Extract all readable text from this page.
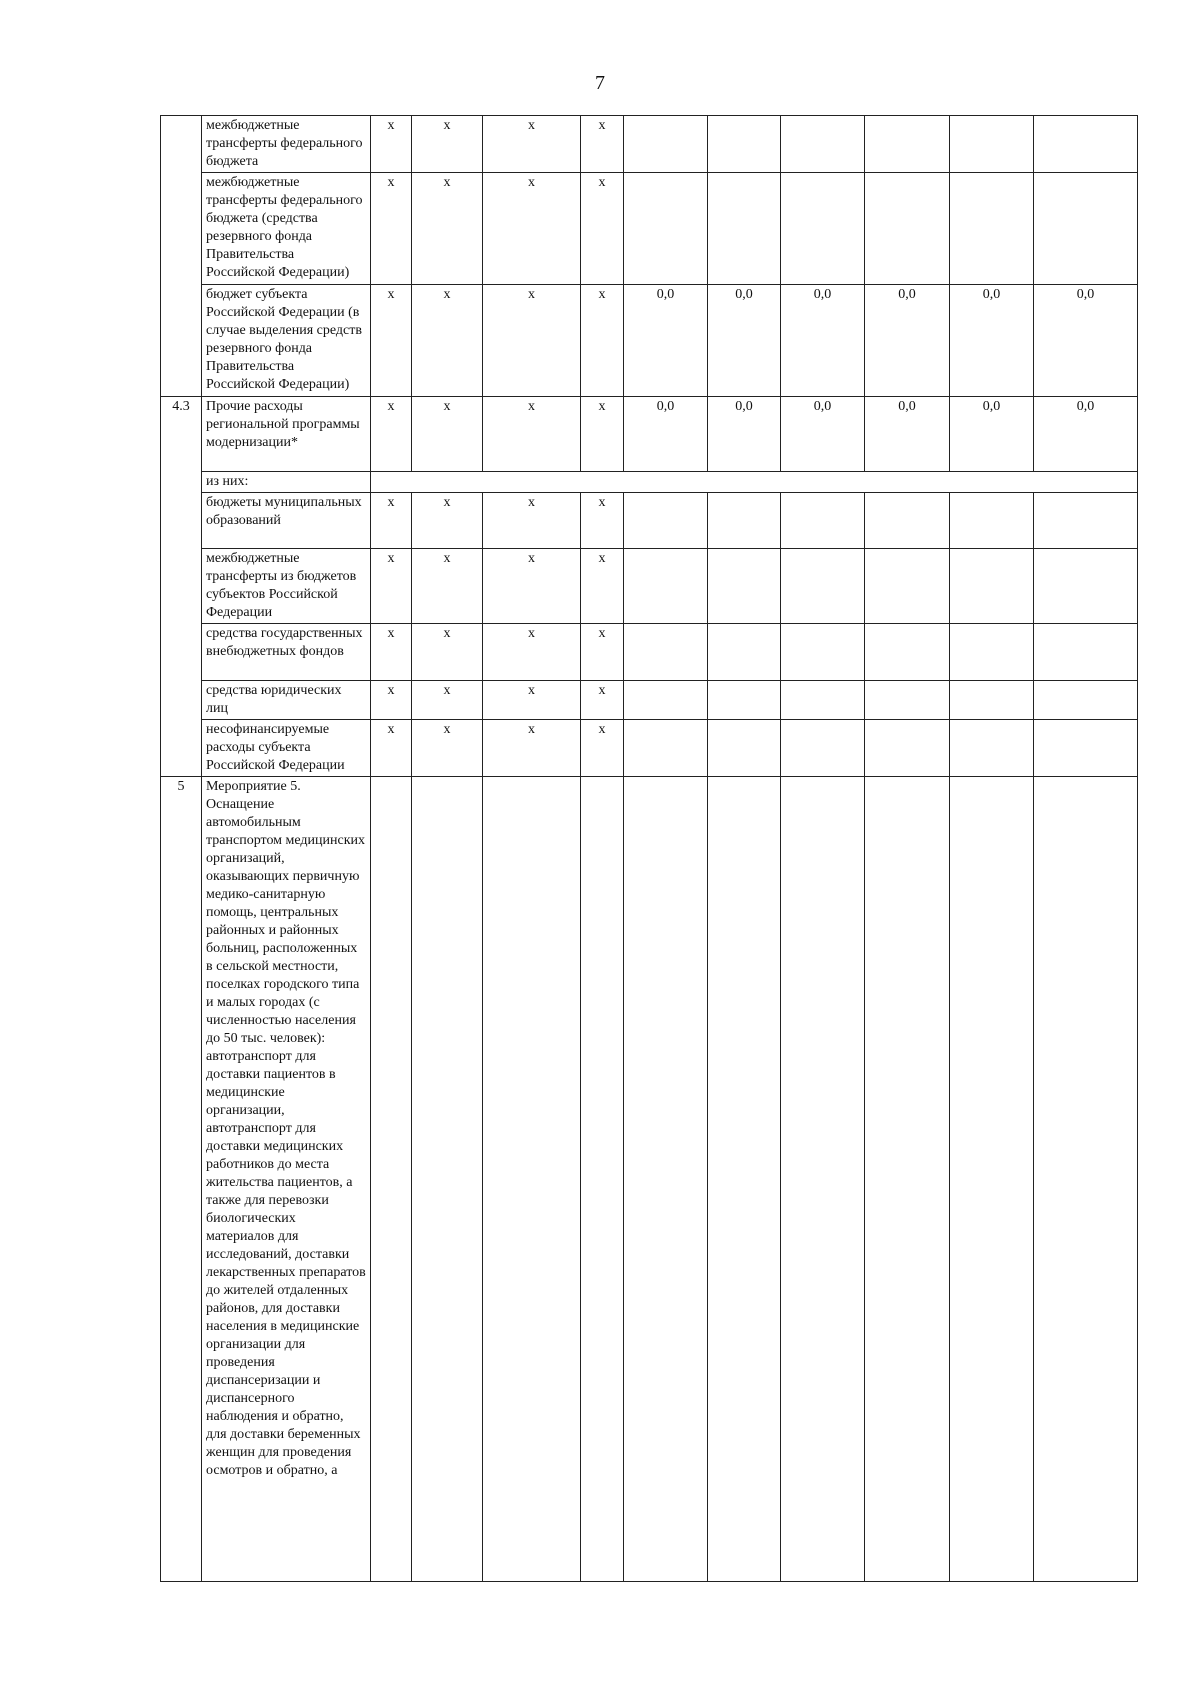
7
	межбюджетные трансферты федерального бюджета	x	x	x	x						
	межбюджетные трансферты федерального бюджета (средства резервного фонда Правительства Российской Федерации)	x	x	x	x						
	бюджет субъекта Российской Федерации (в случае выделения средств резервного фонда Правительства Российской Федерации)	x	x	x	x	0,0	0,0	0,0	0,0	0,0	0,0
4.3	Прочие расходы региональной программы модернизации*	x	x	x	x	0,0	0,0	0,0	0,0	0,0	0,0
	из них:										
	бюджеты муниципальных образований	x	x	x	x						
	межбюджетные трансферты из бюджетов субъектов Российской Федерации	x	x	x	x						
	средства государственных внебюджетных фондов	x	x	x	x						
	средства юридических лиц	x	x	x	x						
	несофинансируемые расходы субъекта Российской Федерации	x	x	x	x						
5	Мероприятие 5. Оснащение автомобильным транспортом медицинских организаций, оказывающих первичную медико-санитарную помощь, центральных районных и районных больниц, расположенных в сельской местности, поселках городского типа и малых городах (с численностью населения до 50 тыс. человек): автотранспорт для доставки пациентов в медицинские организации, автотранспорт для доставки медицинских работников до места жительства пациентов, а также для перевозки биологических материалов для исследований, доставки лекарственных препаратов до жителей отдаленных районов, для доставки населения в медицинские организации для проведения диспансеризации и диспансерного наблюдения и обратно, для доставки беременных женщин для проведения осмотров и обратно, а										
